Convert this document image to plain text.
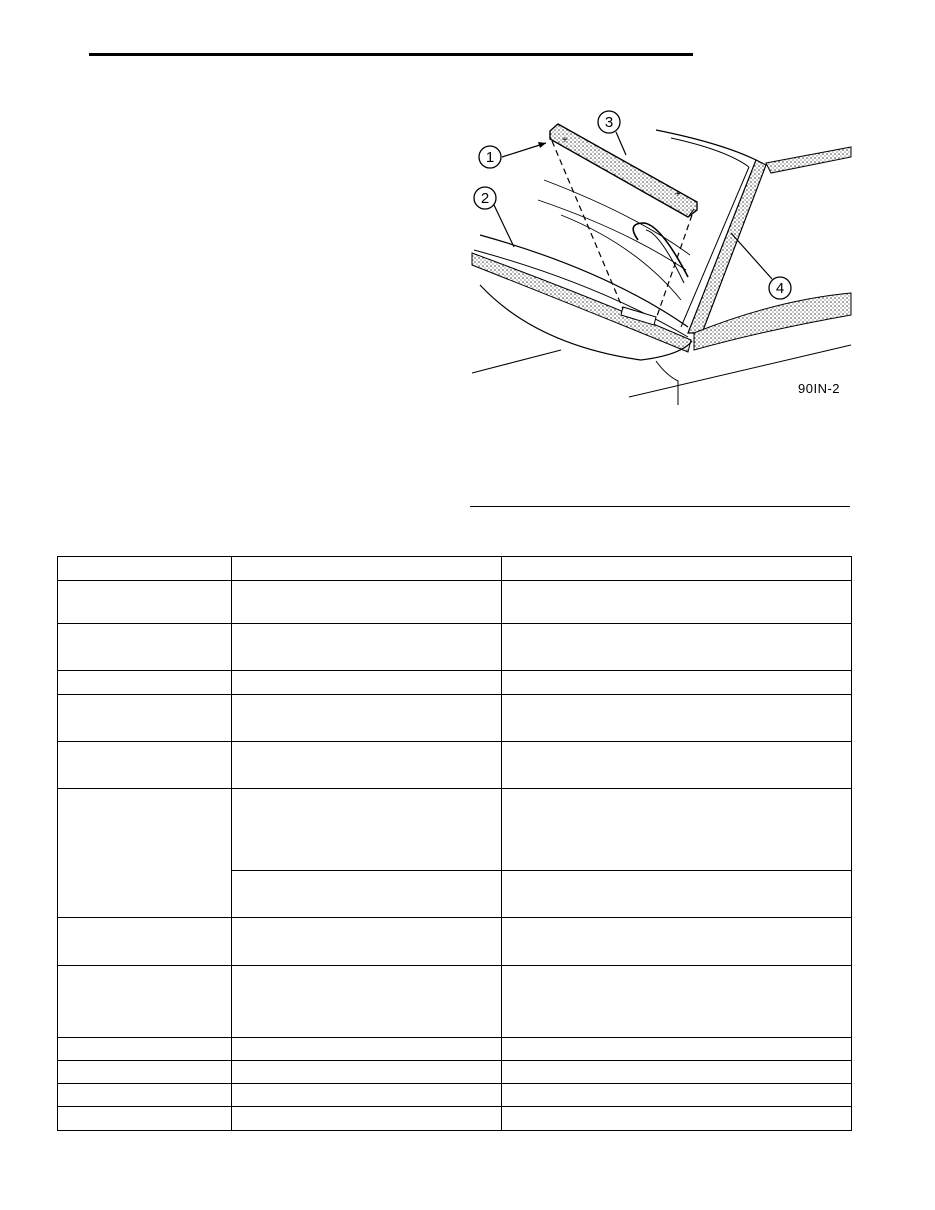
+
+
1
2
3
4
90IN-2
